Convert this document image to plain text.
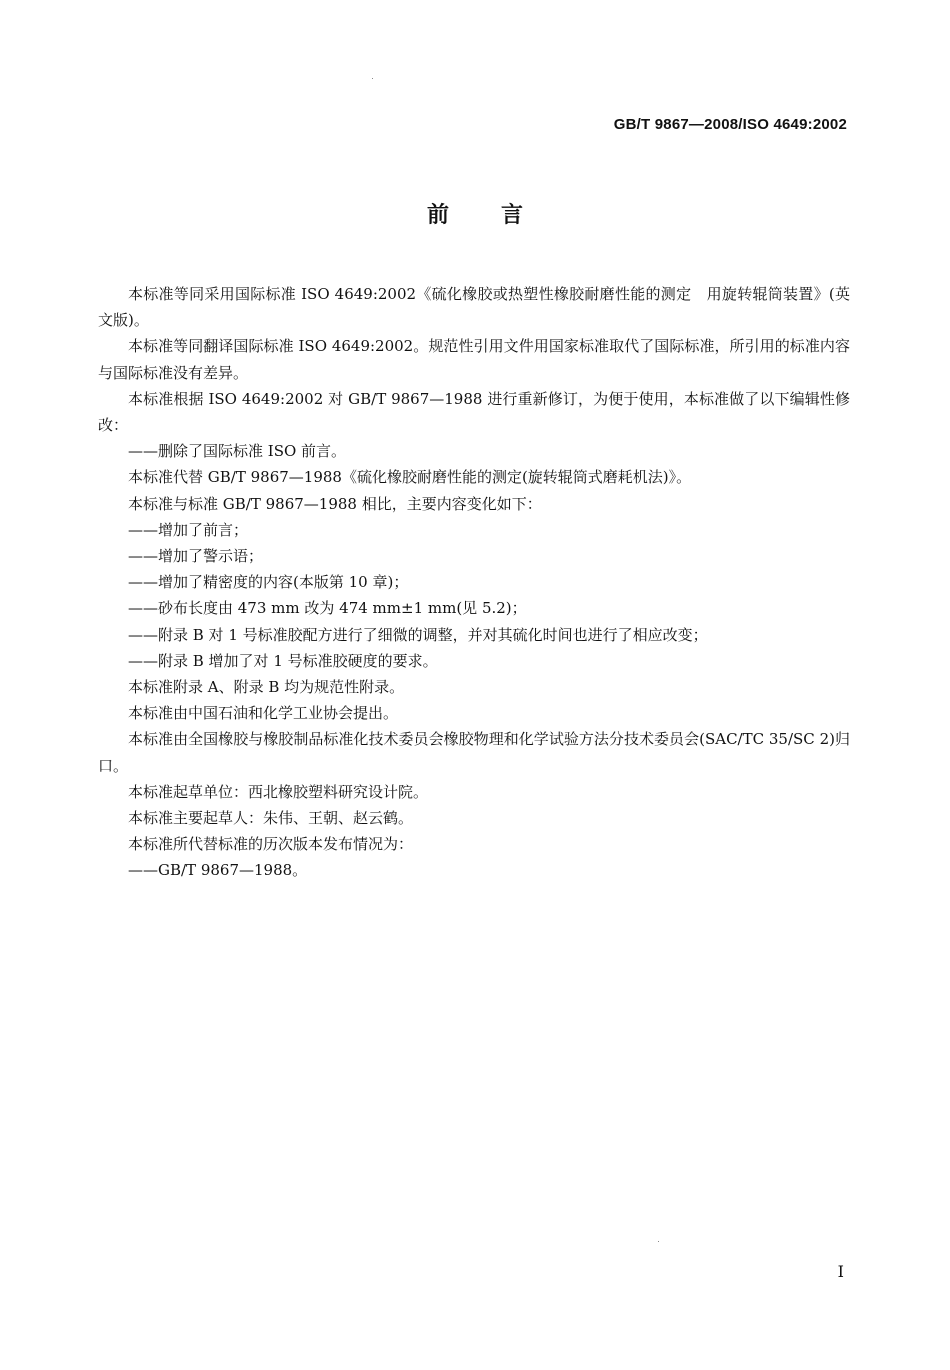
GB/T 9867—2008/ISO 4649:2002
前言

本标准等同采用国际标准 ISO 4649:2002《硫化橡胶或热塑性橡胶耐磨性能的测定　用旋转辊筒装置》(英文版)。

本标准等同翻译国际标准 ISO 4649:2002。规范性引用文件用国家标准取代了国际标准，所引用的标准内容与国际标准没有差异。

本标准根据 ISO 4649:2002 对 GB/T 9867—1988 进行重新修订，为便于使用，本标准做了以下编辑性修改：

——删除了国际标准 ISO 前言。

本标准代替 GB/T 9867—1988《硫化橡胶耐磨性能的测定(旋转辊筒式磨耗机法)》。

本标准与标准 GB/T 9867—1988 相比，主要内容变化如下：

——增加了前言；

——增加了警示语；

——增加了精密度的内容(本版第 10 章)；

——砂布长度由 473 mm 改为 474 mm±1 mm(见 5.2)；

——附录 B 对 1 号标准胶配方进行了细微的调整，并对其硫化时间也进行了相应改变；

——附录 B 增加了对 1 号标准胶硬度的要求。

本标准附录 A、附录 B 均为规范性附录。

本标准由中国石油和化学工业协会提出。

本标准由全国橡胶与橡胶制品标准化技术委员会橡胶物理和化学试验方法分技术委员会(SAC/TC 35/SC 2)归口。

本标准起草单位：西北橡胶塑料研究设计院。

本标准主要起草人：朱伟、王朝、赵云鹤。

本标准所代替标准的历次版本发布情况为：

——GB/T 9867—1988。

I
